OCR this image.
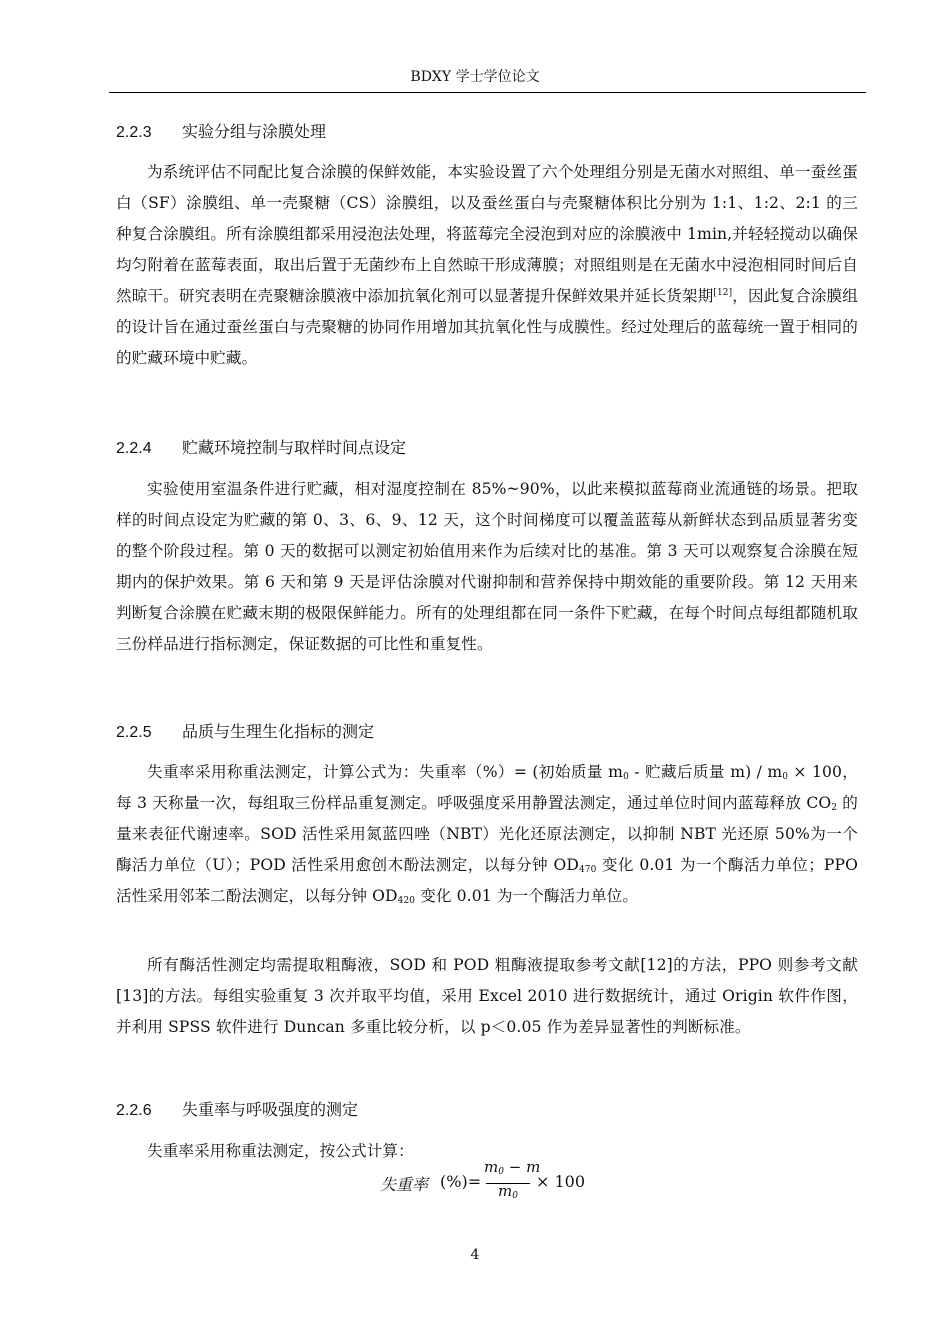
BDXY 学士学位论文
2.2.3 实验分组与涂膜处理

为系统评估不同配比复合涂膜的保鲜效能，本实验设置了六个处理组分别是无菌水对照组、单一蚕丝蛋白（SF）涂膜组、单一壳聚糖（CS）涂膜组，以及蚕丝蛋白与壳聚糖体积比分别为 1:1、1:2、2:1 的三种复合涂膜组。所有涂膜组都采用浸泡法处理，将蓝莓完全浸泡到对应的涂膜液中 1min,并轻轻搅动以确保均匀附着在蓝莓表面，取出后置于无菌纱布上自然晾干形成薄膜；对照组则是在无菌水中浸泡相同时间后自然晾干。研究表明在壳聚糖涂膜液中添加抗氧化剂可以显著提升保鲜效果并延长货架期[12]，因此复合涂膜组的设计旨在通过蚕丝蛋白与壳聚糖的协同作用增加其抗氧化性与成膜性。经过处理后的蓝莓统一置于相同的的贮藏环境中贮藏。

2.2.4 贮藏环境控制与取样时间点设定

实验使用室温条件进行贮藏，相对湿度控制在 85%~90%，以此来模拟蓝莓商业流通链的场景。把取样的时间点设定为贮藏的第 0、3、6、9、12 天，这个时间梯度可以覆盖蓝莓从新鲜状态到品质显著劣变的整个阶段过程。第 0 天的数据可以测定初始值用来作为后续对比的基准。第 3 天可以观察复合涂膜在短期内的保护效果。第 6 天和第 9 天是评估涂膜对代谢抑制和营养保持中期效能的重要阶段。第 12 天用来判断复合涂膜在贮藏末期的极限保鲜能力。所有的处理组都在同一条件下贮藏，在每个时间点每组都随机取三份样品进行指标测定，保证数据的可比性和重复性。

2.2.5 品质与生理生化指标的测定

失重率采用称重法测定，计算公式为：失重率（%）= (初始质量 $m_0$ - 贮藏后质量 $m) / m_0 \times 100$，每 3 天称量一次，每组取三份样品重复测定。呼吸强度采用静置法测定，通过单位时间内蓝莓释放 $CO_2$ 的量来表征代谢速率。SOD 活性采用氮蓝四唑（NBT）光化还原法测定，以抑制 NBT 光还原 50%为一个酶活力单位（U）；POD 活性采用愈创木酚法测定，以每分钟 $OD_{470}$ 变化 0.01 为一个酶活力单位；PPO 活性采用邻苯二酚法测定，以每分钟 $OD_{420}$ 变化 0.01 为一个酶活力单位。

所有酶活性测定均需提取粗酶液，SOD 和 POD 粗酶液提取参考文献[12]的方法，PPO 则参考文献[13]的方法。每组实验重复 3 次并取平均值，采用 Excel 2010 进行数据统计，通过 Origin 软件作图，并利用 SPSS 软件进行 Duncan 多重比较分析，以 p＜0.05 作为差异显著性的判断标准。

2.2.6 失重率与呼吸强度的测定

失重率采用称重法测定，按公式计算：

失重率 (%)=
$m_0 - m$
$m_0$
× 100
4
